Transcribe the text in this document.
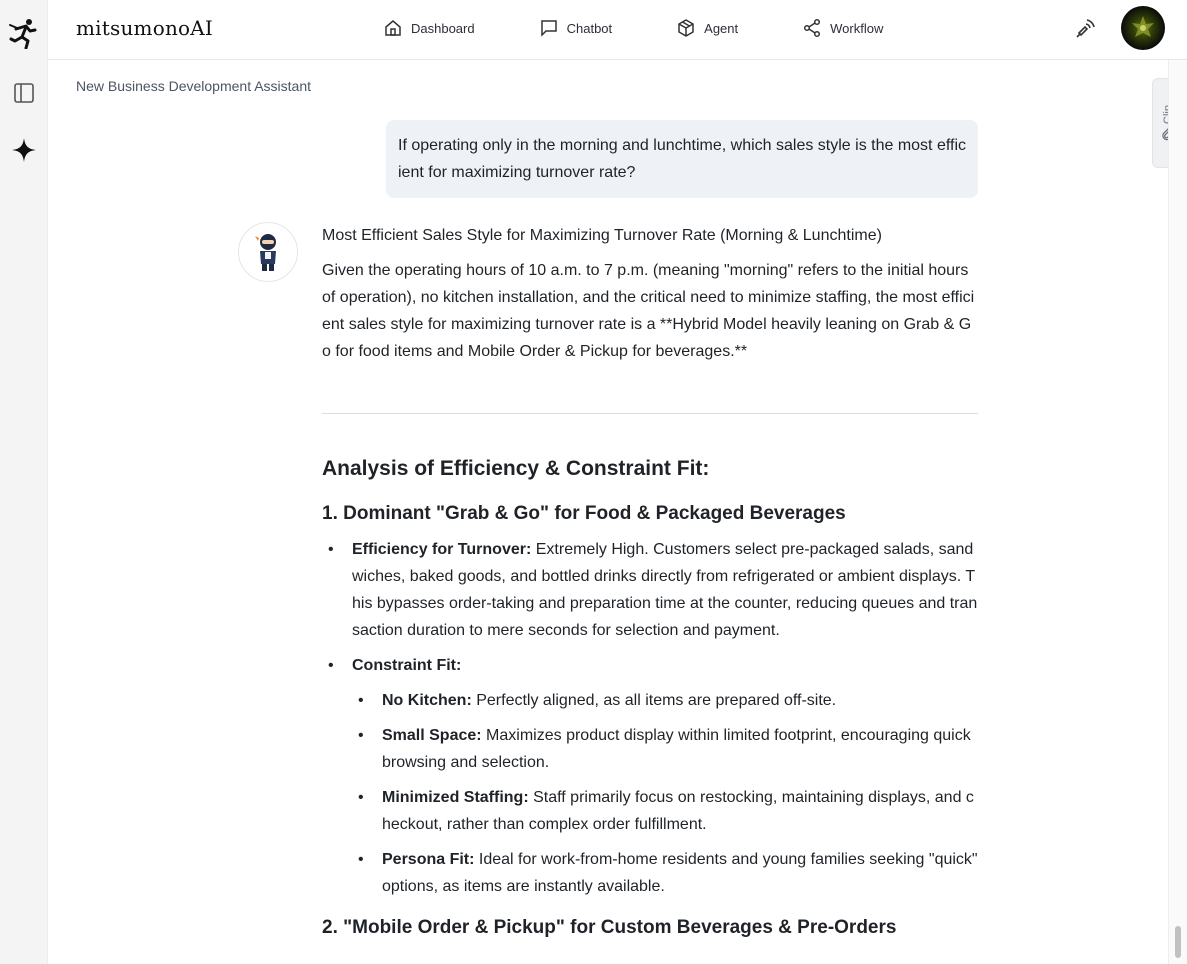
mitsumonoAI	Dashboard	Chatbot	Agent	Workflow
New Business Development Assistant
If operating only in the morning and lunchtime, which sales style is the most efficient for maximizing turnover rate?

Most Efficient Sales Style for Maximizing Turnover Rate (Morning & Lunchtime)

Given the operating hours of 10 a.m. to 7 p.m. (meaning "morning" refers to the initial hours of operation), no kitchen installation, and the critical need to minimize staffing, the most efficient sales style for maximizing turnover rate is a **Hybrid Model heavily leaning on Grab & Go for food items and Mobile Order & Pickup for beverages.**

Analysis of Efficiency & Constraint Fit:
1. Dominant "Grab & Go" for Food & Packaged Beverages
• Efficiency for Turnover: Extremely High. Customers select pre-packaged salads, sandwiches, baked goods, and bottled drinks directly from refrigerated or ambient displays. This bypasses order-taking and preparation time at the counter, reducing queues and transaction duration to mere seconds for selection and payment.
• Constraint Fit:
• No Kitchen: Perfectly aligned, as all items are prepared off-site.
• Small Space: Maximizes product display within limited footprint, encouraging quick browsing and selection.
• Minimized Staffing: Staff primarily focus on restocking, maintaining displays, and checkout, rather than complex order fulfillment.
• Persona Fit: Ideal for work-from-home residents and young families seeking "quick" options, as items are instantly available.
2. "Mobile Order & Pickup" for Custom Beverages & Pre-Orders
